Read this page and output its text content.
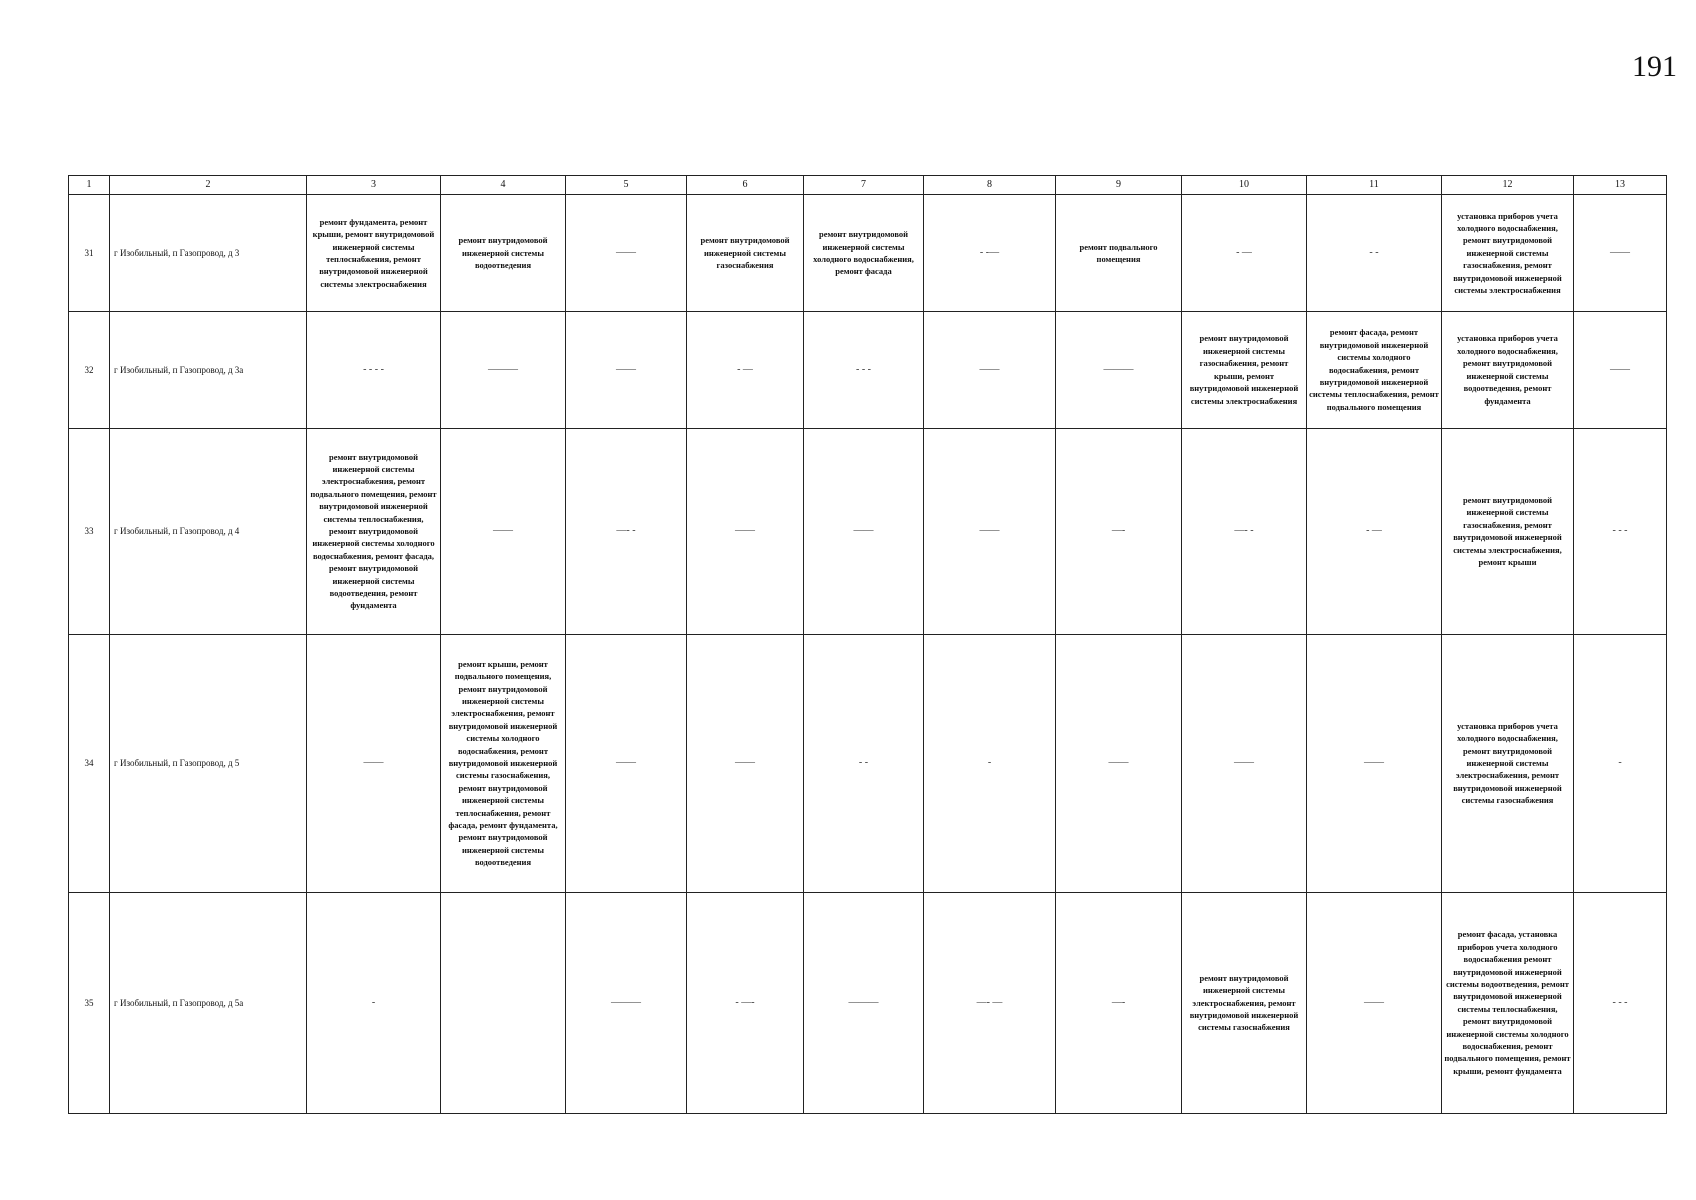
191
1	2	3	4	5	6	7	8	9	10	11	12	13
31	г Изобильный, п Газопровод, д 3	ремонт фундамента, ремонт крыши, ремонт внутридомовой инженерной системы теплоснабжения, ремонт внутридомовой инженерной системы электроснабжения	ремонт внутридомовой инженерной системы водоотведения	——	ремонт внутридомовой инженерной системы газоснабжения	ремонт внутридомовой инженерной системы холодного водоснабжения, ремонт фасада	- -—	ремонт подвального помещения	- —	- -	установка приборов учета холодного водоснабжения, ремонт внутридомовой инженерной системы газоснабжения, ремонт внутридомовой инженерной системы электроснабжения	——
32	г Изобильный, п Газопровод, д 3а	- - - -	———	——	- —	- - -	——	———	ремонт внутридомовой инженерной системы газоснабжения, ремонт крыши, ремонт внутридомовой инженерной системы электроснабжения	ремонт фасада, ремонт внутридомовой инженерной системы холодного водоснабжения, ремонт внутридомовой инженерной системы теплоснабжения, ремонт подвального помещения	установка приборов учета холодного водоснабжения, ремонт внутридомовой инженерной системы водоотведения, ремонт фундамента	——
33	г Изобильный, п Газопровод, д 4	ремонт внутридомовой инженерной системы электроснабжения, ремонт подвального помещения, ремонт внутридомовой инженерной системы теплоснабжения, ремонт внутридомовой инженерной системы холодного водоснабжения, ремонт фасада, ремонт внутридомовой инженерной системы водоотведения, ремонт фундамента	——	—- -	——	——	——	—-	—- -	- —	ремонт внутридомовой инженерной системы газоснабжения, ремонт внутридомовой инженерной системы электроснабжения, ремонт крыши	- - -
34	г Изобильный, п Газопровод, д 5	——	ремонт крыши, ремонт подвального помещения, ремонт внутридомовой инженерной системы электроснабжения, ремонт внутридомовой инженерной системы холодного водоснабжения, ремонт внутридомовой инженерной системы газоснабжения, ремонт внутридомовой инженерной системы теплоснабжения, ремонт фасада, ремонт фундамента, ремонт внутридомовой инженерной системы водоотведения	——	——	- -	-	——	——	——	установка приборов учета холодного водоснабжения, ремонт внутридомовой инженерной системы электроснабжения, ремонт внутридомовой инженерной системы газоснабжения	-
35	г Изобильный, п Газопровод, д 5а	-		———	- —-	———	—- —	—-	ремонт внутридомовой инженерной системы электроснабжения, ремонт внутридомовой инженерной системы газоснабжения	——	ремонт фасада, установка приборов учета холодного водоснабжения ремонт внутридомовой инженерной системы водоотведения, ремонт внутридомовой инженерной системы теплоснабжения, ремонт внутридомовой инженерной системы холодного водоснабжения, ремонт подвального помещения, ремонт крыши, ремонт фундамента	- - -
